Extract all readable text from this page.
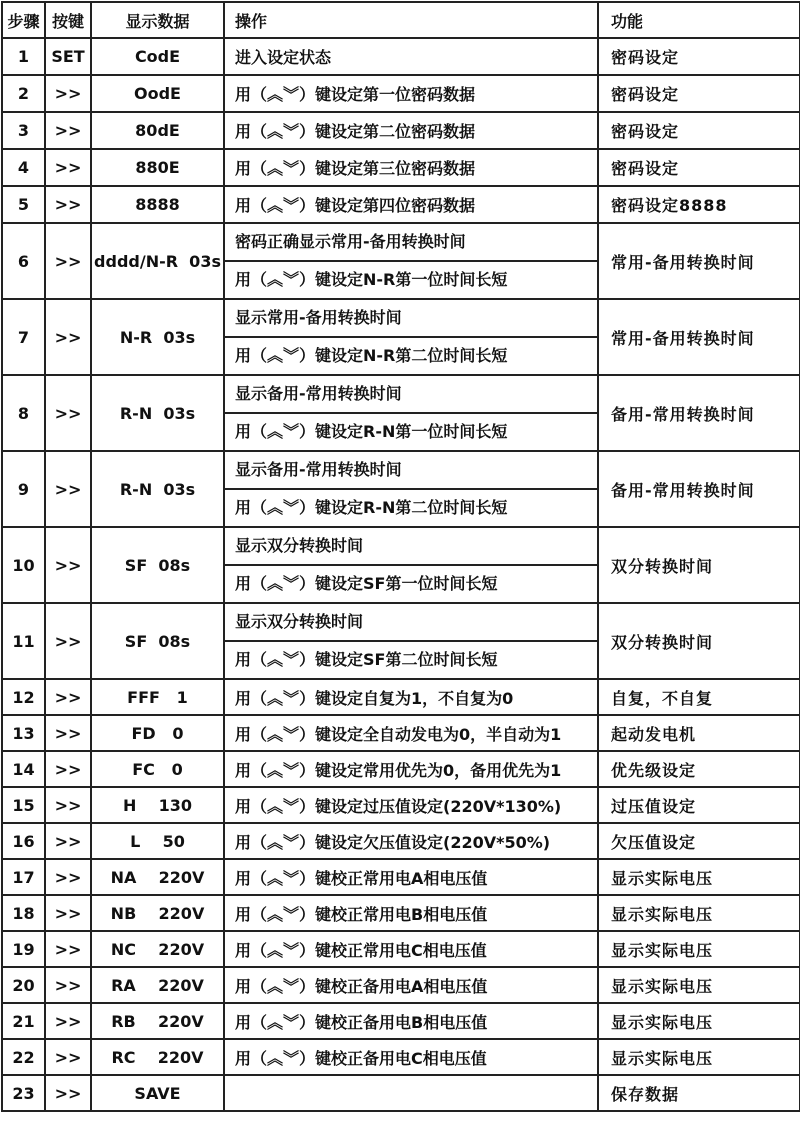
步骤	按键	显示数据	操作	功能
1	SET	CodE	进入设定状态	密码设定
2	>>	OodE	用（︽︾）键设定第一位密码数据	密码设定
3	>>	80dE	用（︽︾）键设定第二位密码数据	密码设定
4	>>	880E	用（︽︾）键设定第三位密码数据	密码设定
5	>>	8888	用（︽︾）键设定第四位密码数据	密码设定8888
6	>>	dddd/N-R  03s	密码正确显示常用-备用转换时间
用（︽︾）键设定N-R第一位时间长短	常用-备用转换时间
7	>>	N-R  03s	显示常用-备用转换时间
用（︽︾）键设定N-R第二位时间长短	常用-备用转换时间
8	>>	R-N  03s	显示备用-常用转换时间
用（︽︾）键设定R-N第一位时间长短	备用-常用转换时间
9	>>	R-N  03s	显示备用-常用转换时间
用（︽︾）键设定R-N第二位时间长短	备用-常用转换时间
10	>>	SF  08s	显示双分转换时间
用（︽︾）键设定SF第一位时间长短	双分转换时间
11	>>	SF  08s	显示双分转换时间
用（︽︾）键设定SF第二位时间长短	双分转换时间
12	>>	FFF   1	用（︽︾）键设定自复为1，不自复为0	自复，不自复
13	>>	FD   0	用（︽︾）键设定全自动发电为0，半自动为1	起动发电机
14	>>	FC   0	用（︽︾）键设定常用优先为0，备用优先为1	优先级设定
15	>>	H    130	用（︽︾）键设定过压值设定(220V*130%)	过压值设定
16	>>	L    50	用（︽︾）键设定欠压值设定(220V*50%)	欠压值设定
17	>>	NA    220V	用（︽︾）键校正常用电A相电压值	显示实际电压
18	>>	NB    220V	用（︽︾）键校正常用电B相电压值	显示实际电压
19	>>	NC    220V	用（︽︾）键校正常用电C相电压值	显示实际电压
20	>>	RA    220V	用（︽︾）键校正备用电A相电压值	显示实际电压
21	>>	RB    220V	用（︽︾）键校正备用电B相电压值	显示实际电压
22	>>	RC    220V	用（︽︾）键校正备用电C相电压值	显示实际电压
23	>>	SAVE		保存数据
